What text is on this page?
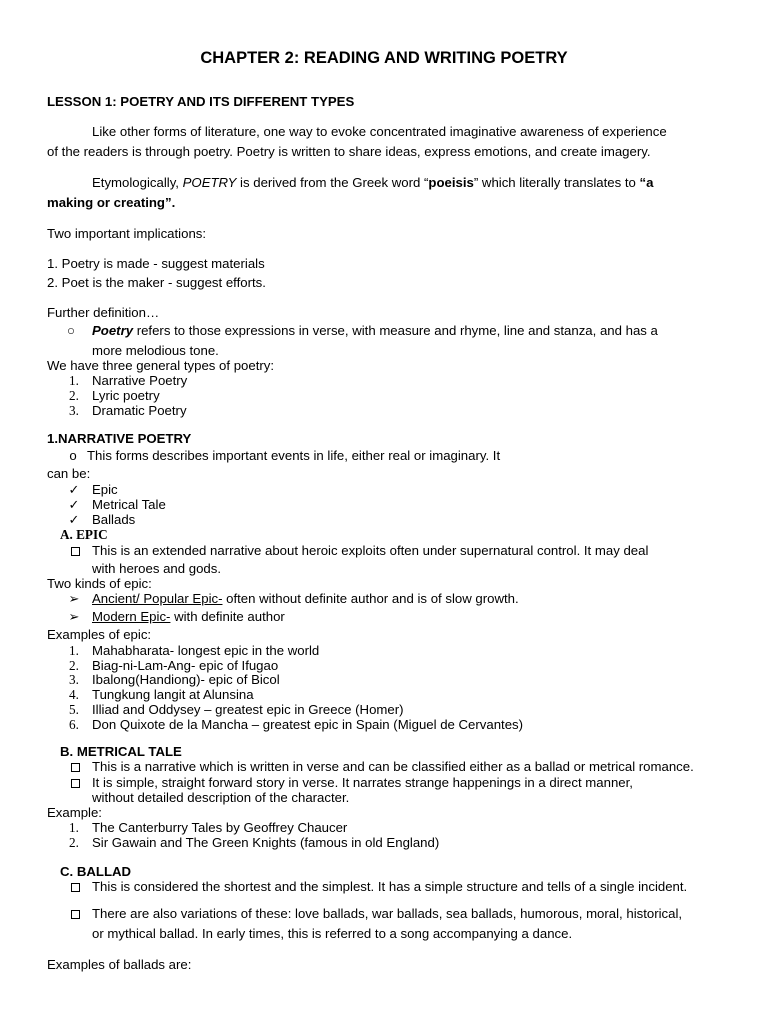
CHAPTER 2: READING AND WRITING POETRY
LESSON 1: POETRY AND ITS DIFFERENT TYPES
Like other forms of literature, one way to evoke concentrated imaginative awareness of experience
of the readers is through poetry. Poetry is written to share ideas, express emotions, and create imagery.
Etymologically, POETRY is derived from the Greek word “poeisis” which literally translates to “a
making or creating”.
Two important implications:
1. Poetry is made - suggest materials
2. Poet is the maker - suggest efforts.
Further definition…
○	Poetry refers to those expressions in verse, with measure and rhyme, line and stanza, and has a
more melodious tone.
We have three general types of poetry:
1. Narrative Poetry
2. Lyric poetry
3. Dramatic Poetry
1.NARRATIVE POETRY
o This forms describes important events in life, either real or imaginary. It
can be:
✓ Epic
✓ Metrical Tale
✓ Ballads
A. EPIC
This is an extended narrative about heroic exploits often under supernatural control. It may deal
with heroes and gods.
Two kinds of epic:
➢ Ancient/ Popular Epic- often without definite author and is of slow growth.
➢ Modern Epic- with definite author
Examples of epic:
1. Mahabharata- longest epic in the world
2. Biag-ni-Lam-Ang- epic of Ifugao
3. Ibalong(Handiong)- epic of Bicol
4. Tungkung langit at Alunsina
5. Illiad and Oddysey – greatest epic in Greece (Homer)
6. Don Quixote de la Mancha – greatest epic in Spain (Miguel de Cervantes)
B. METRICAL TALE
This is a narrative which is written in verse and can be classified either as a ballad or metrical romance.
It is simple, straight forward story in verse. It narrates strange happenings in a direct manner,
without detailed description of the character.
Example:
1. The Canterburry Tales by Geoffrey Chaucer
2. Sir Gawain and The Green Knights (famous in old England)
C. BALLAD
This is considered the shortest and the simplest. It has a simple structure and tells of a single incident.
There are also variations of these: love ballads, war ballads, sea ballads, humorous, moral, historical,
or mythical ballad. In early times, this is referred to a song accompanying a dance.
Examples of ballads are:
